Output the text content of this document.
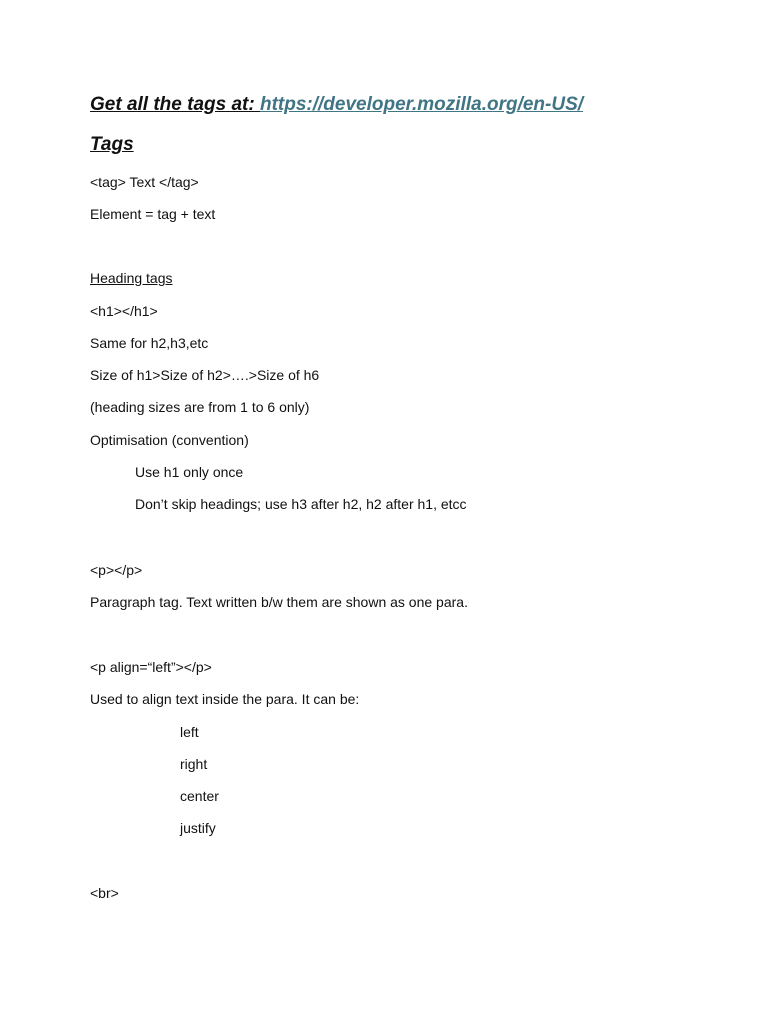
Get all the tags at: https://developer.mozilla.org/en-US/
Tags
<tag> Text </tag>
Element = tag + text
Heading tags
<h1></h1>
Same for h2,h3,etc
Size of h1>Size of h2>….>Size of h6
(heading sizes are from 1 to 6 only)
Optimisation (convention)
Use h1 only once
Don’t skip headings; use h3 after h2, h2 after h1, etcc
<p></p>
Paragraph tag. Text written b/w them are shown as one para.
<p align=“left”></p>
Used to align text inside the para. It can be:
left
right
center
justify
<br>
